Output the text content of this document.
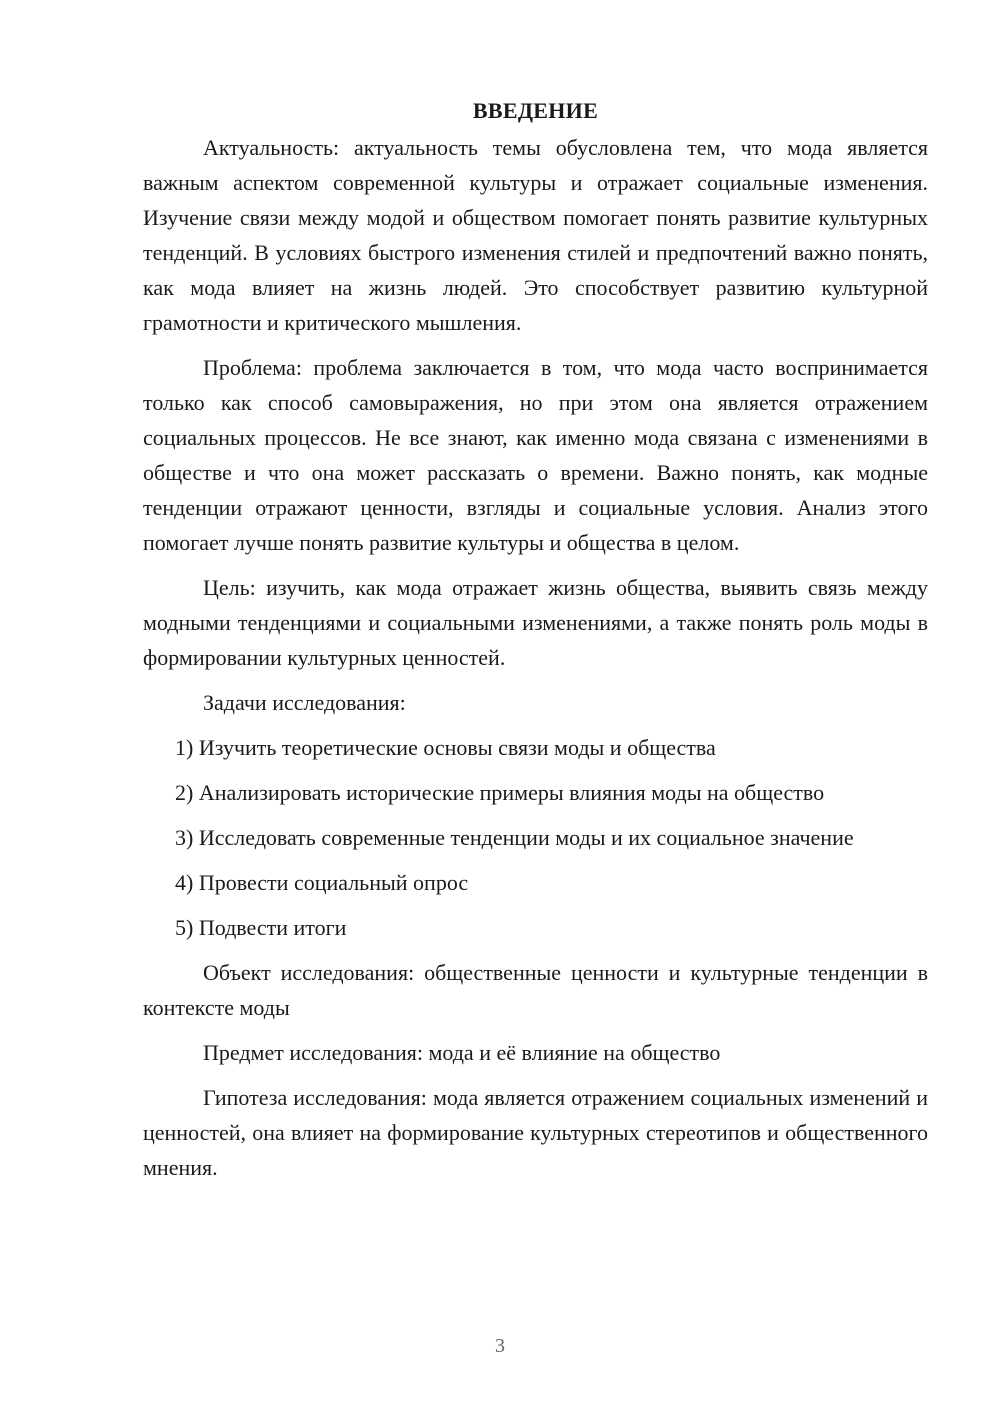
ВВЕДЕНИЕ

Актуальность: актуальность темы обусловлена тем, что мода является важным аспектом современной культуры и отражает социальные изменения. Изучение связи между модой и обществом помогает понять развитие культурных тенденций. В условиях быстрого изменения стилей и предпочтений важно понять, как мода влияет на жизнь людей. Это способствует развитию культурной грамотности и критического мышления.

Проблема: проблема заключается в том, что мода часто воспринимается только как способ самовыражения, но при этом она является отражением социальных процессов. Не все знают, как именно мода связана с изменениями в обществе и что она может рассказать о времени. Важно понять, как модные тенденции отражают ценности, взгляды и социальные условия. Анализ этого помогает лучше понять развитие культуры и общества в целом.

Цель: изучить, как мода отражает жизнь общества, выявить связь между модными тенденциями и социальными изменениями, а также понять роль моды в формировании культурных ценностей.

Задачи исследования:

1) Изучить теоретические основы связи моды и общества

2) Анализировать исторические примеры влияния моды на общество

3) Исследовать современные тенденции моды и их социальное значение

4) Провести социальный опрос

5) Подвести итоги

Объект исследования: общественные ценности и культурные тенденции в контексте моды

Предмет исследования: мода и её влияние на общество

Гипотеза исследования: мода является отражением социальных изменений и ценностей, она влияет на формирование культурных стереотипов и общественного мнения.

3
